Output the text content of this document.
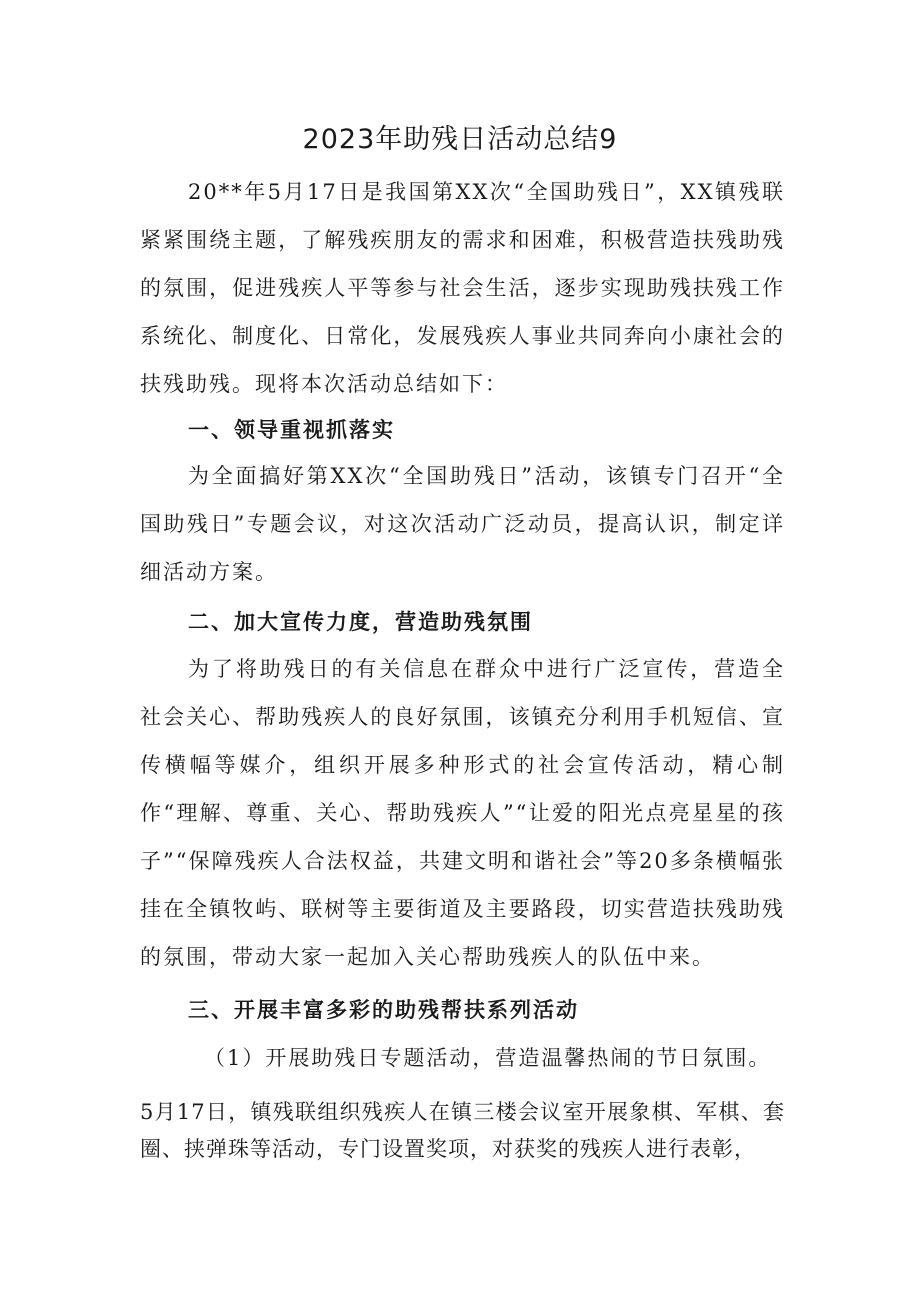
2023年助残日活动总结9

20**年5月17日是我国第XX次“全国助残日”，XX镇残联紧紧围绕主题，了解残疾朋友的需求和困难，积极营造扶残助残的氛围，促进残疾人平等参与社会生活，逐步实现助残扶残工作系统化、制度化、日常化，发展残疾人事业共同奔向小康社会的扶残助残。现将本次活动总结如下：

一、领导重视抓落实

为全面搞好第XX次“全国助残日”活动，该镇专门召开“全国助残日”专题会议，对这次活动广泛动员，提高认识，制定详细活动方案。

二、加大宣传力度，营造助残氛围

为了将助残日的有关信息在群众中进行广泛宣传，营造全社会关心、帮助残疾人的良好氛围，该镇充分利用手机短信、宣传横幅等媒介，组织开展多种形式的社会宣传活动，精心制作“理解、尊重、关心、帮助残疾人”“让爱的阳光点亮星星的孩子”“保障残疾人合法权益，共建文明和谐社会”等20多条横幅张挂在全镇牧屿、联树等主要街道及主要路段，切实营造扶残助残的氛围，带动大家一起加入关心帮助残疾人的队伍中来。

三、开展丰富多彩的助残帮扶系列活动

（1）开展助残日专题活动，营造温馨热闹的节日氛围。

5月17日，镇残联组织残疾人在镇三楼会议室开展象棋、军棋、套圈、挟弹珠等活动，专门设置奖项，对获奖的残疾人进行表彰，
